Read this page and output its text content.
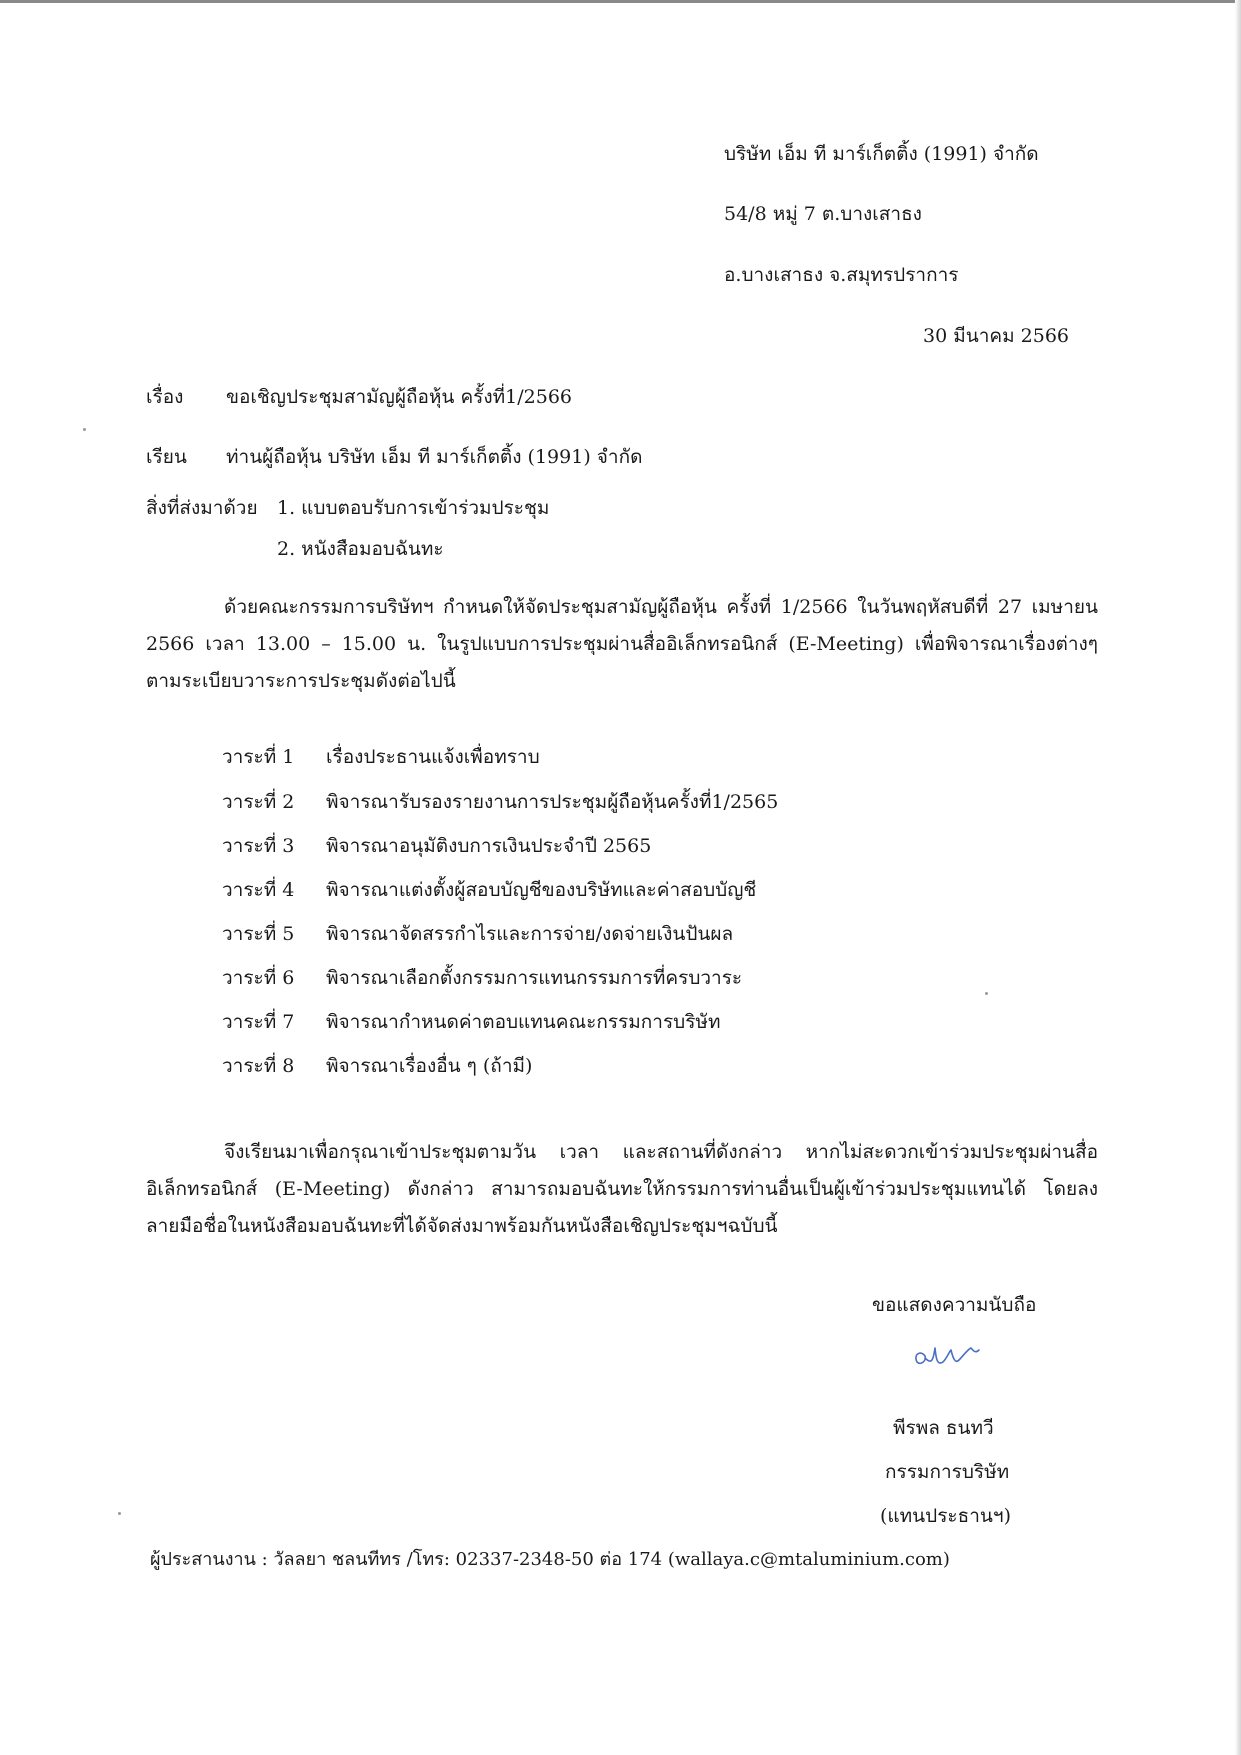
บริษัท เอ็ม ที มาร์เก็ตติ้ง (1991) จำกัด
54/8 หมู่ 7 ต.บางเสาธง
อ.บางเสาธง จ.สมุทรปราการ
30 มีนาคม 2566
เรื่อง ขอเชิญประชุมสามัญผู้ถือหุ้น ครั้งที่1/2566
เรียน ท่านผู้ถือหุ้น บริษัท เอ็ม ที มาร์เก็ตติ้ง (1991) จำกัด
สิ่งที่ส่งมาด้วย 1. แบบตอบรับการเข้าร่วมประชุม
2. หนังสือมอบฉันทะ
ด้วยคณะกรรมการบริษัทฯ กำหนดให้จัดประชุมสามัญผู้ถือหุ้น ครั้งที่ 1/2566 ในวันพฤหัสบดีที่ 27 เมษายน 2566 เวลา 13.00 – 15.00 น. ในรูปแบบการประชุมผ่านสื่ออิเล็กทรอนิกส์ (E-Meeting) เพื่อพิจารณาเรื่องต่างๆ ตามระเบียบวาระการประชุมดังต่อไปนี้
วาระที่ 1 เรื่องประธานแจ้งเพื่อทราบ
วาระที่ 2 พิจารณารับรองรายงานการประชุมผู้ถือหุ้นครั้งที่1/2565
วาระที่ 3 พิจารณาอนุมัติงบการเงินประจำปี 2565
วาระที่ 4 พิจารณาแต่งตั้งผู้สอบบัญชีของบริษัทและค่าสอบบัญชี
วาระที่ 5 พิจารณาจัดสรรกำไรและการจ่าย/งดจ่ายเงินปันผล
วาระที่ 6 พิจารณาเลือกตั้งกรรมการแทนกรรมการที่ครบวาระ
วาระที่ 7 พิจารณากำหนดค่าตอบแทนคณะกรรมการบริษัท
วาระที่ 8 พิจารณาเรื่องอื่น ๆ (ถ้ามี)
จึงเรียนมาเพื่อกรุณาเข้าประชุมตามวัน เวลา และสถานที่ดังกล่าว หากไม่สะดวกเข้าร่วมประชุมผ่านสื่ออิเล็กทรอนิกส์ (E-Meeting) ดังกล่าว สามารถมอบฉันทะให้กรรมการท่านอื่นเป็นผู้เข้าร่วมประชุมแทนได้ โดยลงลายมือชื่อในหนังสือมอบฉันทะที่ได้จัดส่งมาพร้อมกันหนังสือเชิญประชุมฯฉบับนี้
ขอแสดงความนับถือ
พีรพล ธนทวี
กรรมการบริษัท
(แทนประธานฯ)
ผู้ประสานงาน : วัลลยา ชลนทีทร /โทร: 02337-2348-50 ต่อ 174 (wallaya.c@mtaluminium.com)
